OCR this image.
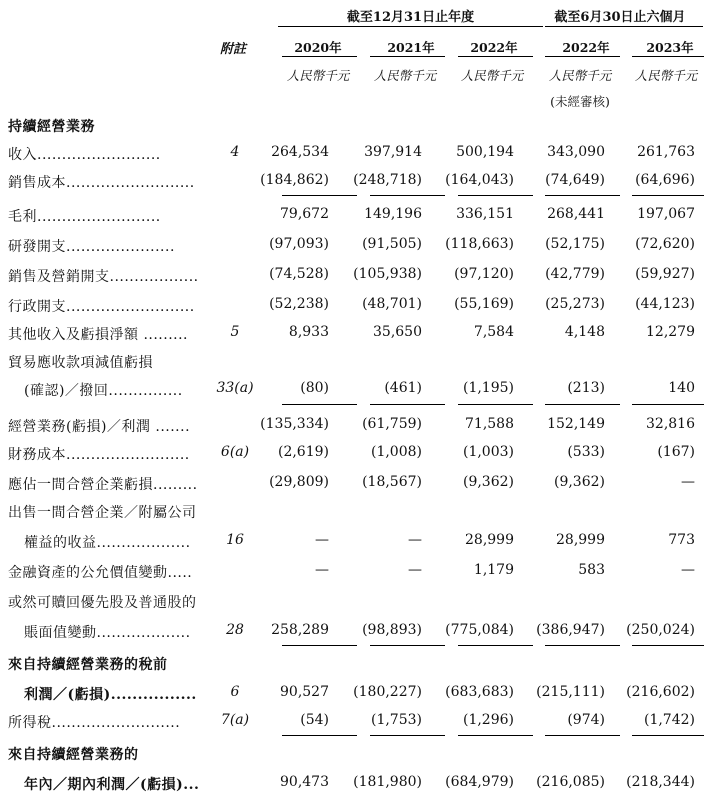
截至12月31日止年度	截至6月30日止六個月
附註	2020年	2021年	2022年	2022年	2023年
人民幣千元	人民幣千元	人民幣千元	人民幣千元	人民幣千元
(未經審核)
持續經營業務
收入.........................	4	264,534	397,914 500,194 343,090 261,763
銷售成本..........................	(184,862) (248,718) (164,043) (74,649) (64,696)
毛利.........................	79,672	149,196 336,151 268,441 197,067
研發開支......................	(97,093) (91,505) (118,663) (52,175) (72,620)
銷售及營銷開支..................	(74,528) (105,938) (97,120) (42,779) (59,927)
行政開支..........................	(52,238) (48,701) (55,169) (25,273) (44,123)
其他收入及虧損淨額 .........	5	8,933	35,650	7,584	4,148	12,279
貿易應收款項減值虧損
(確認)／撥回...............	33(a)	(80)	(461)	(1,195)	(213)	140
經營業務(虧損)／利潤 .......	(135,334) (61,759)	71,588 152,149	32,816
財務成本.........................	6(a)	(2,619)	(1,008)	(1,003)	(533)	(167)
應佔一間合營企業虧損.........	(29,809) (18,567)	(9,362)	(9,362)	—
出售一間合營企業／附屬公司
權益的收益...................	16	—	—	28,999	28,999	773
金融資產的公允價值變動.....	—	—	1,179	583	—
或然可贖回優先股及普通股的
賬面值變動...................	28	258,289 (98,893) (775,084) (386,947) (250,024)
來自持續經營業務的稅前
利潤／(虧損)................	6	90,527 (180,227) (683,683) (215,111) (216,602)
所得稅..........................	7(a)	(54)	(1,753)	(1,296)	(974)	(1,742)
來自持續經營業務的
年內／期內利潤／(虧損)...	90,473 (181,980) (684,979) (216,085) (218,344)
